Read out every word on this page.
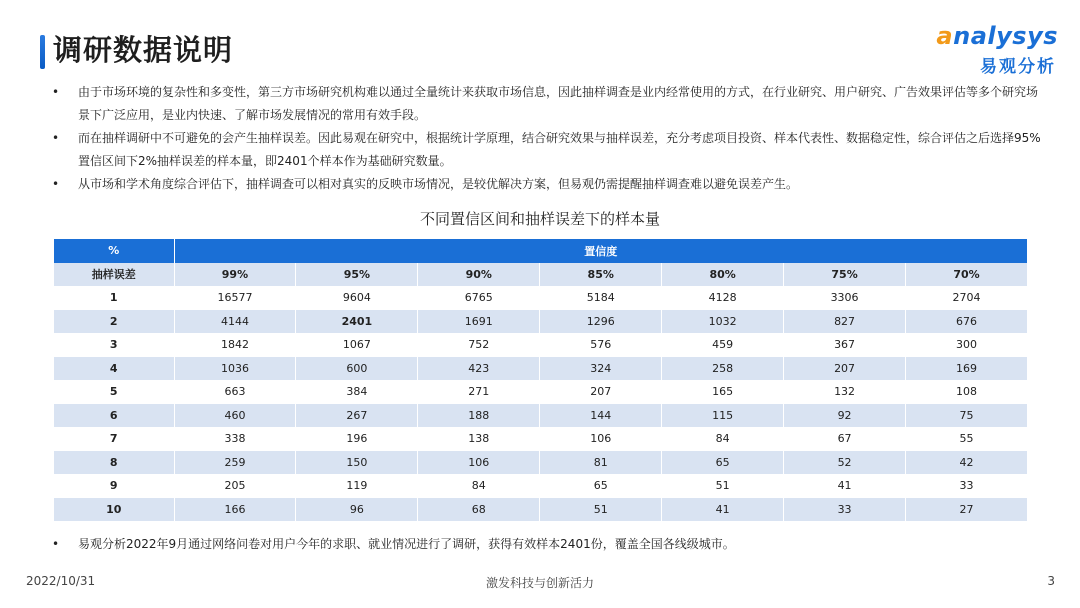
调研数据说明	analysys
易观分析
• 由于市场环境的复杂性和多变性，第三方市场研究机构难以通过全量统计来获取市场信息，因此抽样调查是业内经常使用的方式，在行业研究、用户研究、广告效果评估等多个研究场景下广泛应用，是业内快速、了解市场发展情况的常用有效手段。
• 而在抽样调研中不可避免的会产生抽样误差。因此易观在研究中，根据统计学原理，结合研究效果与抽样误差，充分考虑项目投资、样本代表性、数据稳定性，综合评估之后选择95%置信区间下2%抽样误差的样本量，即2401个样本作为基础研究数量。
• 从市场和学术角度综合评估下，抽样调查可以相对真实的反映市场情况，是较优解决方案，但易观仍需提醒抽样调查难以避免误差产生。
不同置信区间和抽样误差下的样本量
%	置信度						
抽样误差	99%	95%	90%	85%	80%	75%	70%
1	16577	9604	6765	5184	4128	3306	2704
2	4144	2401	1691	1296	1032	827	676
3	1842	1067	752	576	459	367	300
4	1036	600	423	324	258	207	169
5	663	384	271	207	165	132	108
6	460	267	188	144	115	92	75
7	338	196	138	106	84	67	55
8	259	150	106	81	65	52	42
9	205	119	84	65	51	41	33
10	166	96	68	51	41	33	27
• 易观分析2022年9月通过网络问卷对用户今年的求职、就业情况进行了调研，获得有效样本2401份，覆盖全国各线级城市。
2022/10/31	激发科技与创新活力	3
